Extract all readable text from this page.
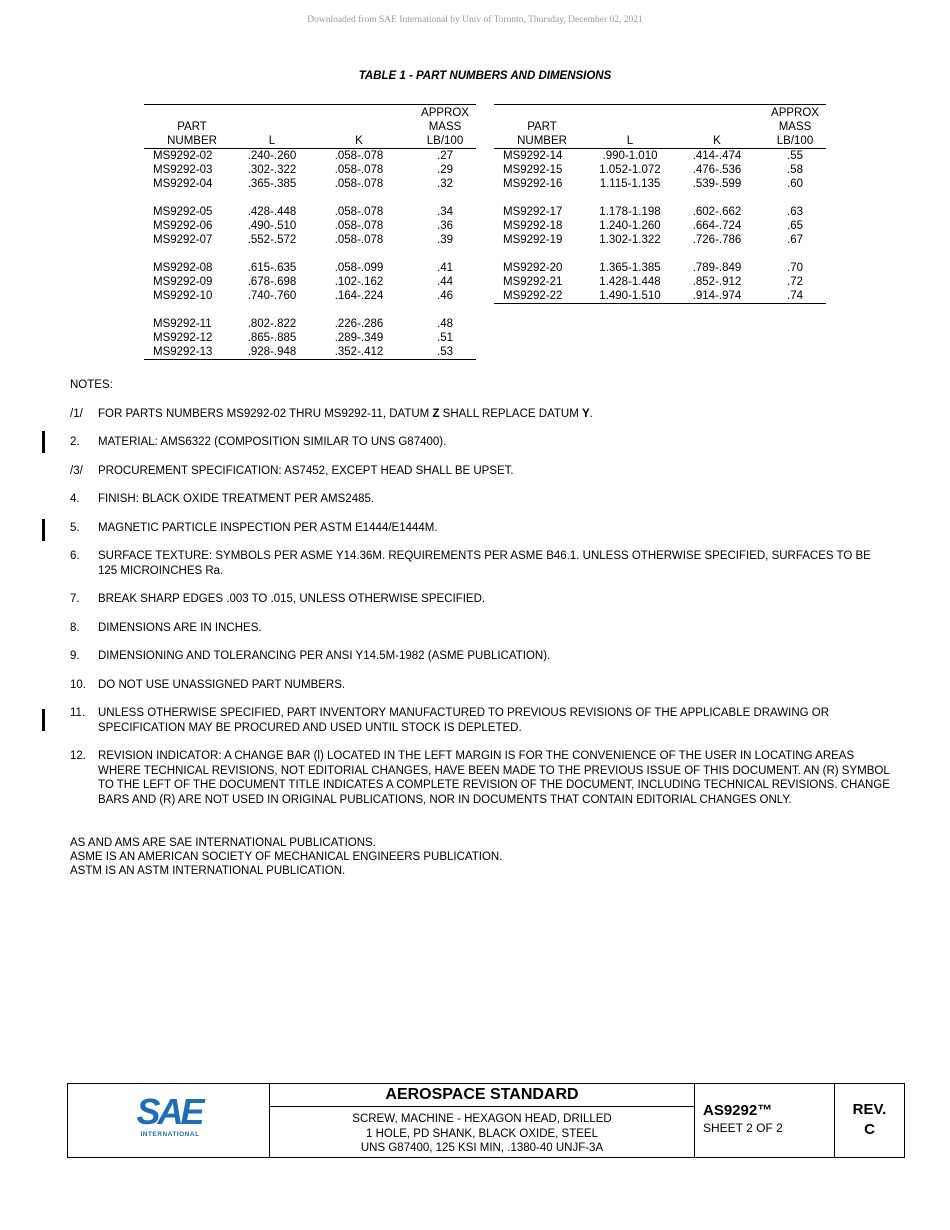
Downloaded from SAE International by Univ of Toronto, Thursday, December 02, 2021
TABLE 1 - PART NUMBERS AND DIMENSIONS
PART
NUMBER	L	K	APPROX
MASS
LB/100
MS9292-02	.240-.260	.058-.078	.27
MS9292-03	.302-.322	.058-.078	.29
MS9292-04	.365-.385	.058-.078	.32

MS9292-05	.428-.448	.058-.078	.34
MS9292-06	.490-.510	.058-.078	.36
MS9292-07	.552-.572	.058-.078	.39

MS9292-08	.615-.635	.058-.099	.41
MS9292-09	.678-.698	.102-.162	.44
MS9292-10	.740-.760	.164-.224	.46

MS9292-11	.802-.822	.226-.286	.48
MS9292-12	.865-.885	.289-.349	.51
MS9292-13	.928-.948	.352-.412	.53
PART
NUMBER	L	K	APPROX
MASS
LB/100
MS9292-14	.990-1.010	.414-.474	.55
MS9292-15	1.052-1.072	.476-.536	.58
MS9292-16	1.115-1.135	.539-.599	.60

MS9292-17	1.178-1.198	.602-.662	.63
MS9292-18	1.240-1.260	.664-.724	.65
MS9292-19	1.302-1.322	.726-.786	.67

MS9292-20	1.365-1.385	.789-.849	.70
MS9292-21	1.428-1.448	.852-.912	.72
MS9292-22	1.490-1.510	.914-.974	.74
NOTES:
/1/	FOR PARTS NUMBERS MS9292-02 THRU MS9292-11, DATUM Z SHALL REPLACE DATUM Y.
2.	MATERIAL: AMS6322 (COMPOSITION SIMILAR TO UNS G87400).
/3/	PROCUREMENT SPECIFICATION: AS7452, EXCEPT HEAD SHALL BE UPSET.
4.	FINISH: BLACK OXIDE TREATMENT PER AMS2485.
5.	MAGNETIC PARTICLE INSPECTION PER ASTM E1444/E1444M.
6.	SURFACE TEXTURE: SYMBOLS PER ASME Y14.36M. REQUIREMENTS PER ASME B46.1. UNLESS OTHERWISE SPECIFIED, SURFACES TO BE 125 MICROINCHES Ra.
7.	BREAK SHARP EDGES .003 TO .015, UNLESS OTHERWISE SPECIFIED.
8.	DIMENSIONS ARE IN INCHES.
9.	DIMENSIONING AND TOLERANCING PER ANSI Y14.5M-1982 (ASME PUBLICATION).
10.	DO NOT USE UNASSIGNED PART NUMBERS.
11.	UNLESS OTHERWISE SPECIFIED, PART INVENTORY MANUFACTURED TO PREVIOUS REVISIONS OF THE APPLICABLE DRAWING OR SPECIFICATION MAY BE PROCURED AND USED UNTIL STOCK IS DEPLETED.
12.	REVISION INDICATOR: A CHANGE BAR (l) LOCATED IN THE LEFT MARGIN IS FOR THE CONVENIENCE OF THE USER IN LOCATING AREAS WHERE TECHNICAL REVISIONS, NOT EDITORIAL CHANGES, HAVE BEEN MADE TO THE PREVIOUS ISSUE OF THIS DOCUMENT. AN (R) SYMBOL TO THE LEFT OF THE DOCUMENT TITLE INDICATES A COMPLETE REVISION OF THE DOCUMENT, INCLUDING TECHNICAL REVISIONS. CHANGE BARS AND (R) ARE NOT USED IN ORIGINAL PUBLICATIONS, NOR IN DOCUMENTS THAT CONTAIN EDITORIAL CHANGES ONLY.
AS AND AMS ARE SAE INTERNATIONAL PUBLICATIONS.
ASME IS AN AMERICAN SOCIETY OF MECHANICAL ENGINEERS PUBLICATION.
ASTM IS AN ASTM INTERNATIONAL PUBLICATION.
SAE
INTERNATIONAL
AEROSPACE STANDARD
SCREW, MACHINE - HEXAGON HEAD, DRILLED
1 HOLE, PD SHANK, BLACK OXIDE, STEEL
UNS G87400, 125 KSI MIN, .1380-40 UNJF-3A
AS9292™
SHEET 2 OF 2
REV.
C
